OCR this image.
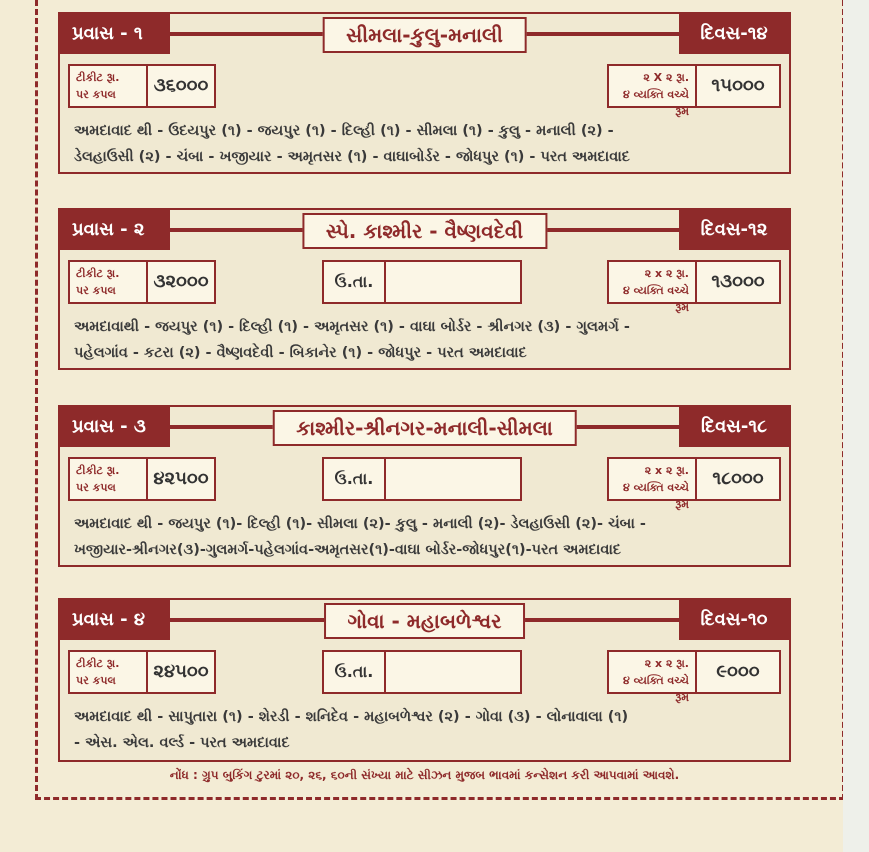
પ્રવાસ - ૧	સીમલા-કુલુ-મનાલી	દિવસ-૧૪
ટીકીટ રૂા.
પર કપલ	૩૬૦૦૦	૨ X ૨ રૂા.
૪ વ્યક્તિ વચ્ચે રૂમ
૧૫૦૦૦
અમદાવાદ થી - ઉદયપુર (૧) - જયપુર (૧) - દિલ્હી (૧) - સીમલા (૧) - કુલુ - મનાલી (૨) -
ડેલહાઉસી (૨) - ચંબા - ખજીયાર - અમૃતસર (૧) - વાઘાબોર્ડર - જોધપુર (૧) - પરત અમદાવાદ
પ્રવાસ - ૨	સ્પે. કાશ્મીર - વૈષ્ણવદેવી	દિવસ-૧૨
ટીકીટ રૂા.
પર કપલ	૩૨૦૦૦	ઉ.તા.	૨ x ૨ રૂા.
૪ વ્યક્તિ વચ્ચે રૂમ
૧૩૦૦૦
અમદાવાથી - જયપુર (૧) - દિલ્હી (૧) - અમૃતસર (૧) - વાઘા બોર્ડર - શ્રીનગર (૩) - ગુલમર્ગ -
પહેલગાંવ - કટરા (૨) - વૈષ્ણવદેવી - બિકાનેર (૧) - જોધપુર - પરત અમદાવાદ
પ્રવાસ - ૩	કાશ્મીર-શ્રીનગર-મનાલી-સીમલા	દિવસ-૧૮
ટીકીટ રૂા.
પર કપલ	૪૨૫૦૦	ઉ.તા.	૨ x ૨ રૂા.
૪ વ્યક્તિ વચ્ચે રૂમ
૧૮૦૦૦
અમદાવાદ થી - જયપુર (૧)- દિલ્હી (૧)- સીમલા (૨)- કુલુ - મનાલી (૨)- ડેલહાઉસી (૨)- ચંબા -
ખજીયાર-શ્રીનગર(૩)-ગુલમર્ગ-પહેલગાંવ-અમૃતસર(૧)-વાઘા બોર્ડર-જોધપુર(૧)-પરત અમદાવાદ
પ્રવાસ - ૪	ગોવા - મહાબળેશ્વર	દિવસ-૧૦
ટીકીટ રૂા.
પર કપલ	૨૪૫૦૦	ઉ.તા.	૨ x ૨ રૂા.
૪ વ્યક્તિ વચ્ચે રૂમ
૯૦૦૦
અમદાવાદ થી - સાપુતારા (૧) - શેરડી - શનિદેવ - મહાબળેશ્વર (૨) - ગોવા (૩) - લોનાવાલા (૧)
- એસ. એલ. વર્લ્ડ - પરત અમદાવાદ
નોંધ : ગ્રુપ બુકિંગ ટુરમાં ૨૦, ૨૬, ૬૦ની સંખ્યા માટે સીઝન મુજબ ભાવમાં કન્સેશન કરી આપવામાં આવશે.
